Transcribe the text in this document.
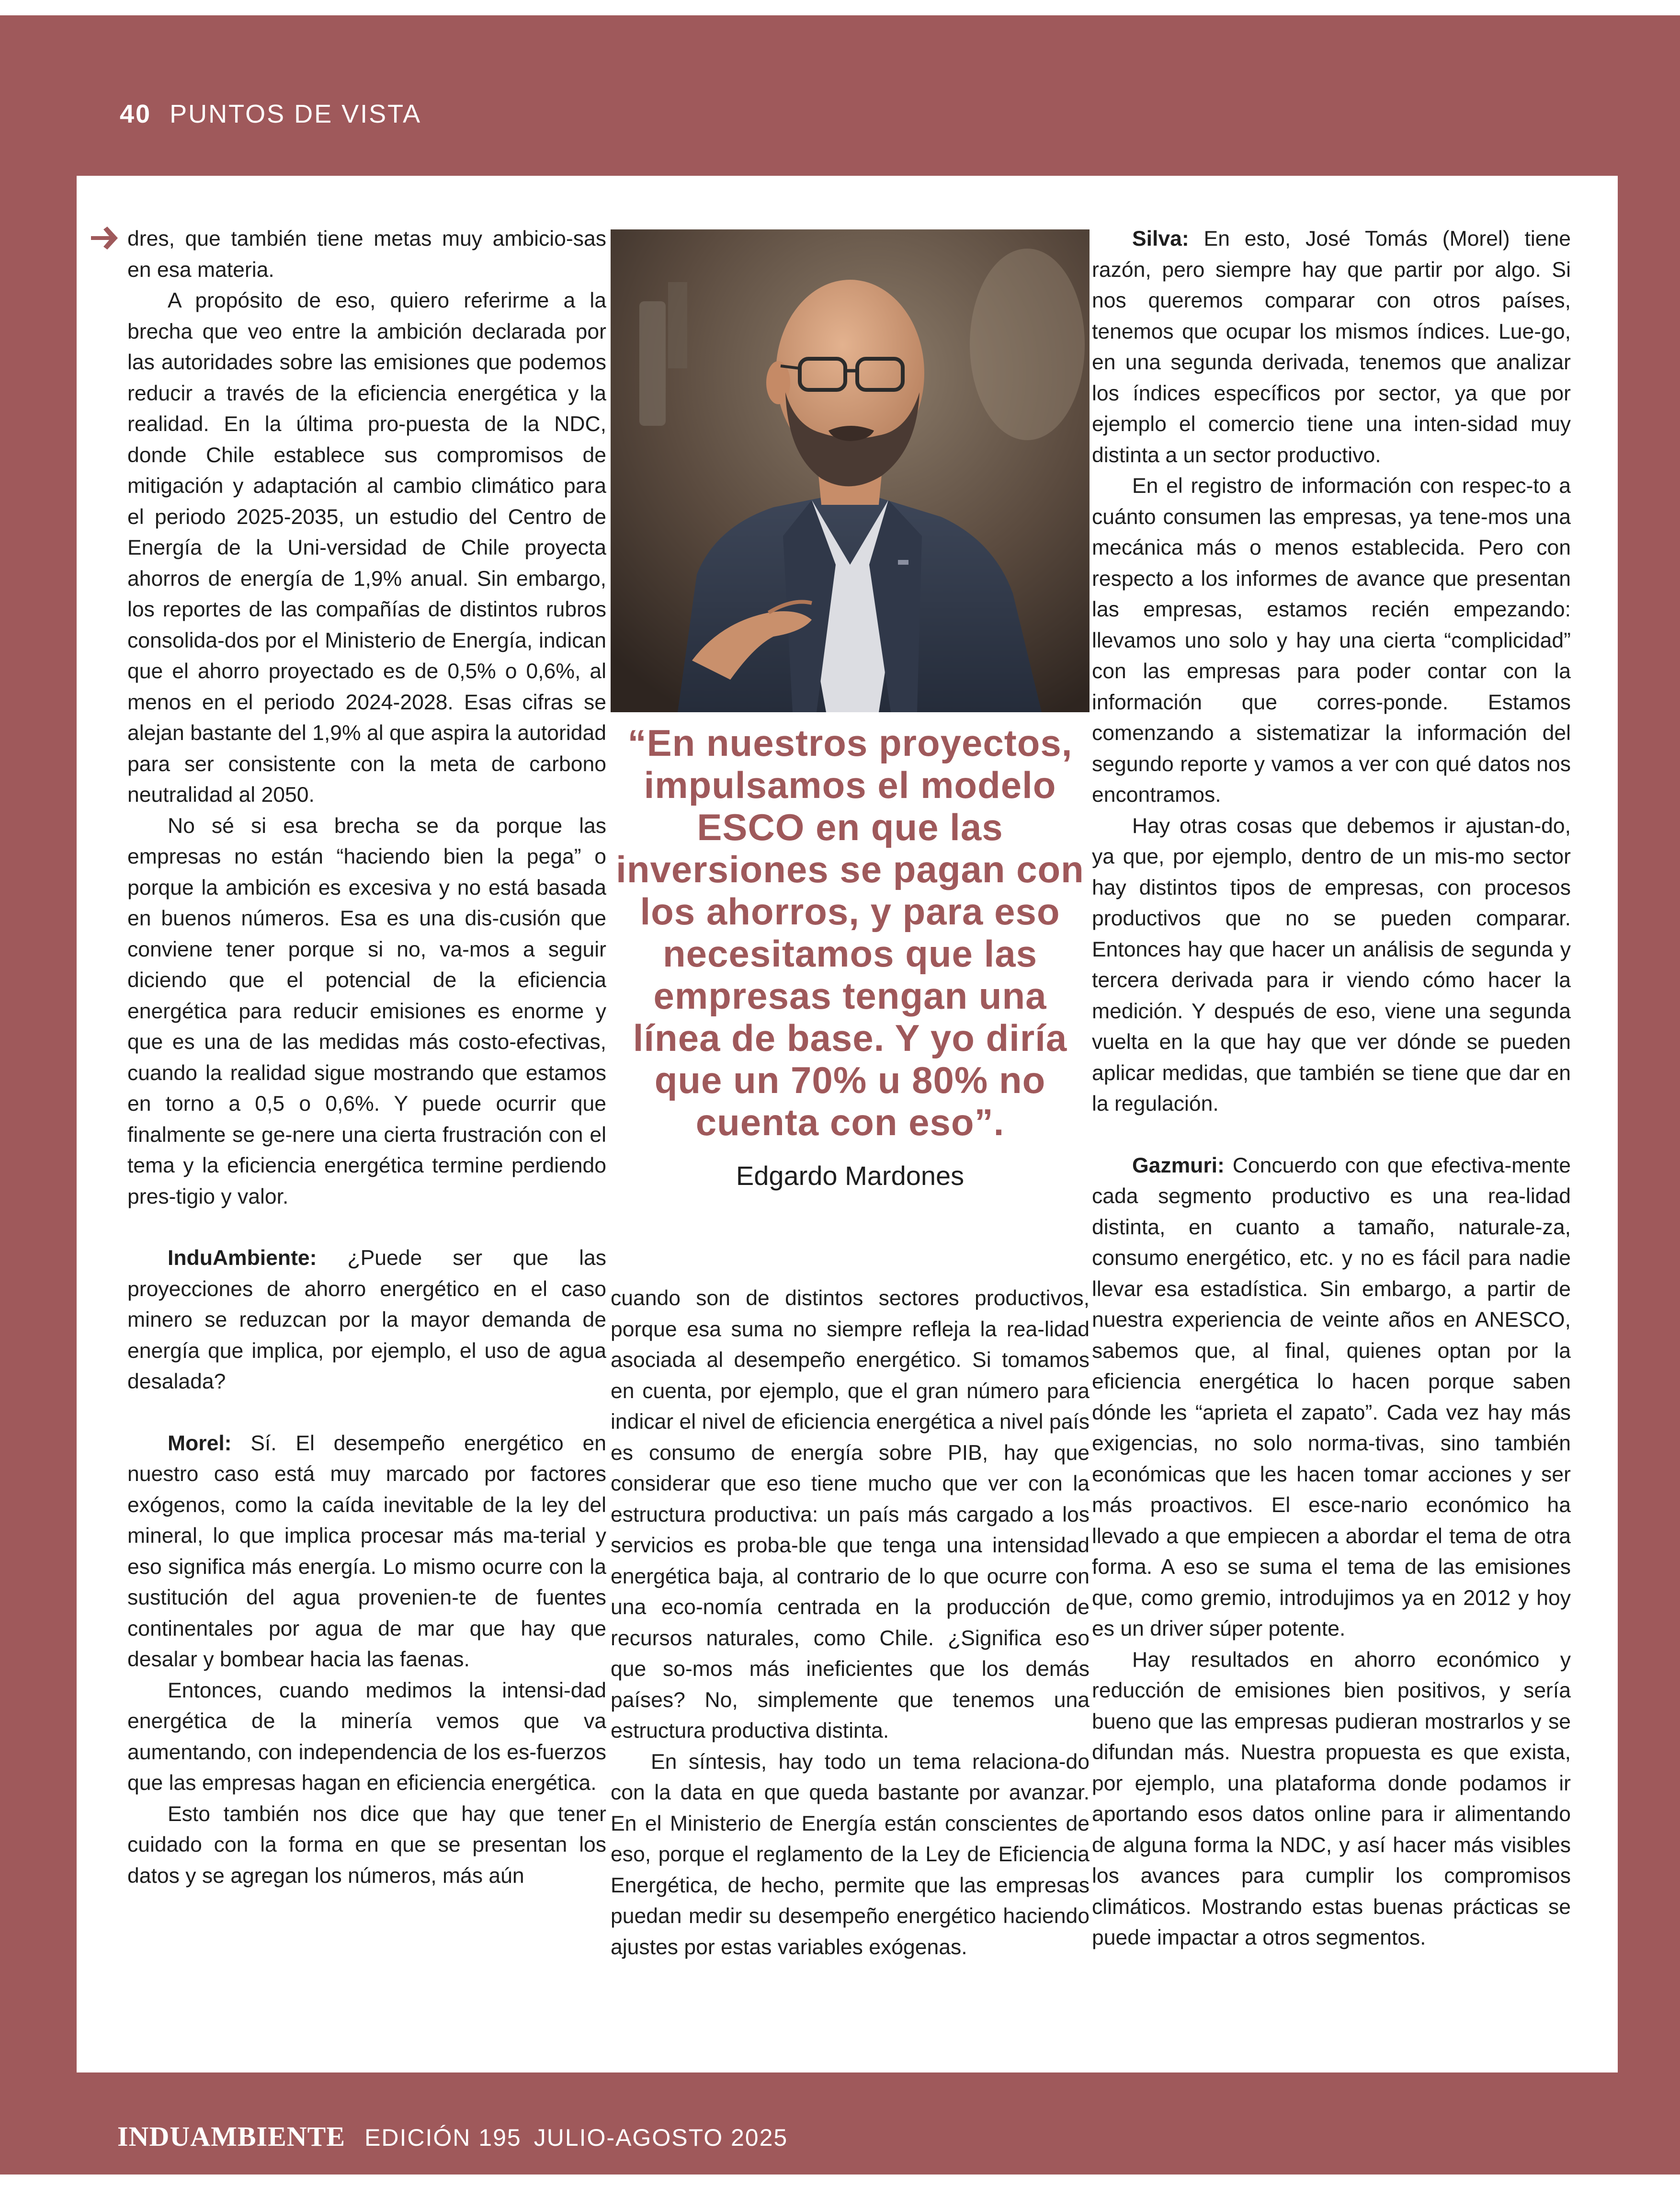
40 PUNTOS DE VISTA

dres, que también tiene metas muy ambicio-sas en esa materia.

A propósito de eso, quiero referirme a la brecha que veo entre la ambición declarada por las autoridades sobre las emisiones que podemos reducir a través de la eficiencia energética y la realidad. En la última pro-puesta de la NDC, donde Chile establece sus compromisos de mitigación y adaptación al cambio climático para el periodo 2025-2035, un estudio del Centro de Energía de la Uni-versidad de Chile proyecta ahorros de energía de 1,9% anual. Sin embargo, los reportes de las compañías de distintos rubros consolida-dos por el Ministerio de Energía, indican que el ahorro proyectado es de 0,5% o 0,6%, al menos en el periodo 2024-2028. Esas cifras se alejan bastante del 1,9% al que aspira la autoridad para ser consistente con la meta de carbono neutralidad al 2050.

No sé si esa brecha se da porque las empresas no están “haciendo bien la pega” o porque la ambición es excesiva y no está basada en buenos números. Esa es una dis-cusión que conviene tener porque si no, va-mos a seguir diciendo que el potencial de la eficiencia energética para reducir emisiones es enorme y que es una de las medidas más costo-efectivas, cuando la realidad sigue mostrando que estamos en torno a 0,5 o 0,6%. Y puede ocurrir que finalmente se ge-nere una cierta frustración con el tema y la eficiencia energética termine perdiendo pres-tigio y valor.

InduAmbiente: ¿Puede ser que las proyecciones de ahorro energético en el caso minero se reduzcan por la mayor demanda de energía que implica, por ejemplo, el uso de agua desalada?

Morel: Sí. El desempeño energético en nuestro caso está muy marcado por factores exógenos, como la caída inevitable de la ley del mineral, lo que implica procesar más ma-terial y eso significa más energía. Lo mismo ocurre con la sustitución del agua provenien-te de fuentes continentales por agua de mar que hay que desalar y bombear hacia las faenas.

Entonces, cuando medimos la intensi-dad energética de la minería vemos que va aumentando, con independencia de los es-fuerzos que las empresas hagan en eficiencia energética.

Esto también nos dice que hay que tener cuidado con la forma en que se presentan los datos y se agregan los números, más aún

“En nuestros proyectos, impulsamos el modelo ESCO en que las inversiones se pagan con los ahorros, y para eso necesitamos que las empresas tengan una línea de base. Y yo diría que un 70% u 80% no cuenta con eso”.
Edgardo Mardones

cuando son de distintos sectores productivos, porque esa suma no siempre refleja la rea-lidad asociada al desempeño energético. Si tomamos en cuenta, por ejemplo, que el gran número para indicar el nivel de eficiencia energética a nivel país es consumo de energía sobre PIB, hay que considerar que eso tiene mucho que ver con la estructura productiva: un país más cargado a los servicios es proba-ble que tenga una intensidad energética baja, al contrario de lo que ocurre con una eco-nomía centrada en la producción de recursos naturales, como Chile. ¿Significa eso que so-mos más ineficientes que los demás países? No, simplemente que tenemos una estructura productiva distinta.

En síntesis, hay todo un tema relaciona-do con la data en que queda bastante por avanzar. En el Ministerio de Energía están conscientes de eso, porque el reglamento de la Ley de Eficiencia Energética, de hecho, permite que las empresas puedan medir su desempeño energético haciendo ajustes por estas variables exógenas.

Silva: En esto, José Tomás (Morel) tiene razón, pero siempre hay que partir por algo. Si nos queremos comparar con otros países, tenemos que ocupar los mismos índices. Lue-go, en una segunda derivada, tenemos que analizar los índices específicos por sector, ya que por ejemplo el comercio tiene una inten-sidad muy distinta a un sector productivo.

En el registro de información con respec-to a cuánto consumen las empresas, ya tene-mos una mecánica más o menos establecida. Pero con respecto a los informes de avance que presentan las empresas, estamos recién empezando: llevamos uno solo y hay una cierta “complicidad” con las empresas para poder contar con la información que corres-ponde. Estamos comenzando a sistematizar la información del segundo reporte y vamos a ver con qué datos nos encontramos.

Hay otras cosas que debemos ir ajustan-do, ya que, por ejemplo, dentro de un mis-mo sector hay distintos tipos de empresas, con procesos productivos que no se pueden comparar. Entonces hay que hacer un análisis de segunda y tercera derivada para ir viendo cómo hacer la medición. Y después de eso, viene una segunda vuelta en la que hay que ver dónde se pueden aplicar medidas, que también se tiene que dar en la regulación.

Gazmuri: Concuerdo con que efectiva-mente cada segmento productivo es una rea-lidad distinta, en cuanto a tamaño, naturale-za, consumo energético, etc. y no es fácil para nadie llevar esa estadística. Sin embargo, a partir de nuestra experiencia de veinte años en ANESCO, sabemos que, al final, quienes optan por la eficiencia energética lo hacen porque saben dónde les “aprieta el zapato”. Cada vez hay más exigencias, no solo norma-tivas, sino también económicas que les hacen tomar acciones y ser más proactivos. El esce-nario económico ha llevado a que empiecen a abordar el tema de otra forma. A eso se suma el tema de las emisiones que, como gremio, introdujimos ya en 2012 y hoy es un driver súper potente.

Hay resultados en ahorro económico y reducción de emisiones bien positivos, y sería bueno que las empresas pudieran mostrarlos y se difundan más. Nuestra propuesta es que exista, por ejemplo, una plataforma donde podamos ir aportando esos datos online para ir alimentando de alguna forma la NDC, y así hacer más visibles los avances para cumplir los compromisos climáticos. Mostrando estas buenas prácticas se puede impactar a otros segmentos.

INDUAMBIENTE EDICIÓN 195 JULIO-AGOSTO 2025
